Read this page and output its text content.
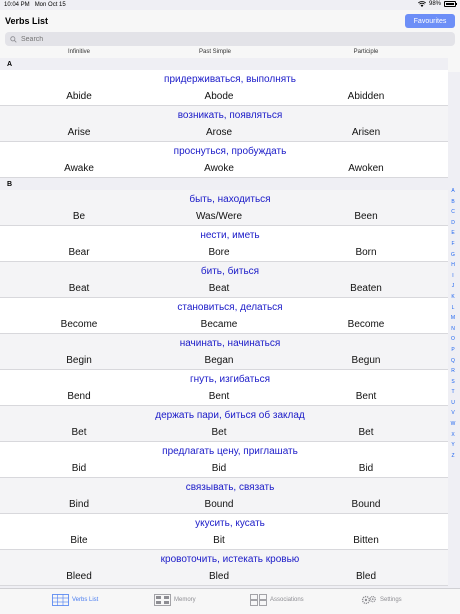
10:04 PM Mon Oct 15	98%
Verbs List	Favourites
Search
Infinitive	Past Simple	Participle
A
придерживаться, выполнять
Abide	Abode	Abidden
возникать, появляться
Arise	Arose	Arisen
проснуться, пробуждать
Awake	Awoke	Awoken
B
быть, находиться
Be	Was/Were	Been
нести, иметь
Bear	Bore	Born
бить, биться
Beat	Beat	Beaten
становиться, делаться
Become	Became	Become
начинать, начинаться
Begin	Began	Begun
гнуть, изгибаться
Bend	Bent	Bent
держать пари, биться об заклад
Bet	Bet	Bet
предлагать цену, приглашать
Bid	Bid	Bid
связывать, связать
Bind	Bound	Bound
укусить, кусать
Bite	Bit	Bitten
кровоточить, истекать кровью
Bleed	Bled	Bled
A
B
C
D
E
F
G
H
I
J
K
L
M
N
O
P
Q
R
S
T
U
V
W
X
Y
Z
Verbs List	Memory	Associations	Settings
